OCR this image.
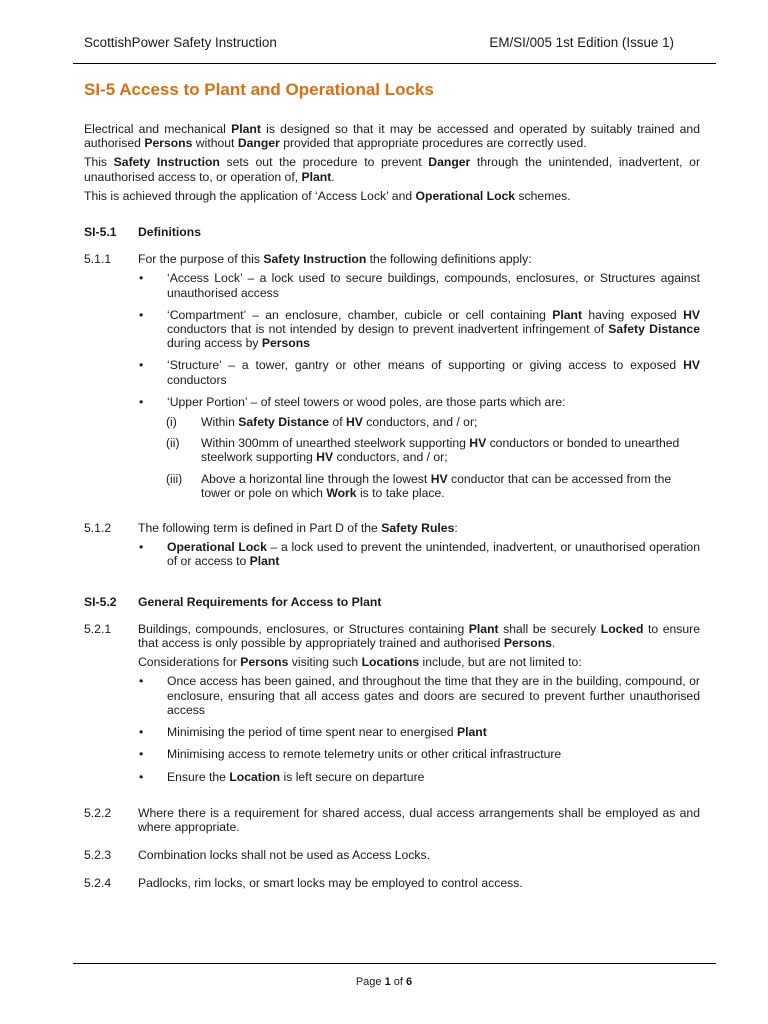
ScottishPower Safety Instruction	EM/SI/005 1st Edition (Issue 1)
SI-5 Access to Plant and Operational Locks

Electrical and mechanical Plant is designed so that it may be accessed and operated by suitably trained and authorised Persons without Danger provided that appropriate procedures are correctly used.

This Safety Instruction sets out the procedure to prevent Danger through the unintended, inadvertent, or unauthorised access to, or operation of, Plant.

This is achieved through the application of ‘Access Lock’ and Operational Lock schemes.

SI-5.1	Definitions
5.1.1	For the purpose of this Safety Instruction the following definitions apply:

•	‘Access Lock’ – a lock used to secure buildings, compounds, enclosures, or Structures against unauthorised access
•	‘Compartment’ – an enclosure, chamber, cubicle or cell containing Plant having exposed HV conductors that is not intended by design to prevent inadvertent infringement of Safety Distance during access by Persons
•	‘Structure’ – a tower, gantry or other means of supporting or giving access to exposed HV conductors
•	‘Upper Portion’ – of steel towers or wood poles, are those parts which are:
(i)	Within Safety Distance of HV conductors, and / or;
(ii)	Within 300mm of unearthed steelwork supporting HV conductors or bonded to unearthed steelwork supporting HV conductors, and / or;
(iii)	Above a horizontal line through the lowest HV conductor that can be accessed from the tower or pole on which Work is to take place.
5.1.2	The following term is defined in Part D of the Safety Rules:

•	Operational Lock – a lock used to prevent the unintended, inadvertent, or unauthorised operation of or access to Plant
SI-5.2	General Requirements for Access to Plant
5.2.1	Buildings, compounds, enclosures, or Structures containing Plant shall be securely Locked to ensure that access is only possible by appropriately trained and authorised Persons.

Considerations for Persons visiting such Locations include, but are not limited to:

•	Once access has been gained, and throughout the time that they are in the building, compound, or enclosure, ensuring that all access gates and doors are secured to prevent further unauthorised access
•	Minimising the period of time spent near to energised Plant
•	Minimising access to remote telemetry units or other critical infrastructure
•	Ensure the Location is left secure on departure
5.2.2	Where there is a requirement for shared access, dual access arrangements shall be employed as and where appropriate.

5.2.3	Combination locks shall not be used as Access Locks.

5.2.4	Padlocks, rim locks, or smart locks may be employed to control access.

Page 1 of 6
